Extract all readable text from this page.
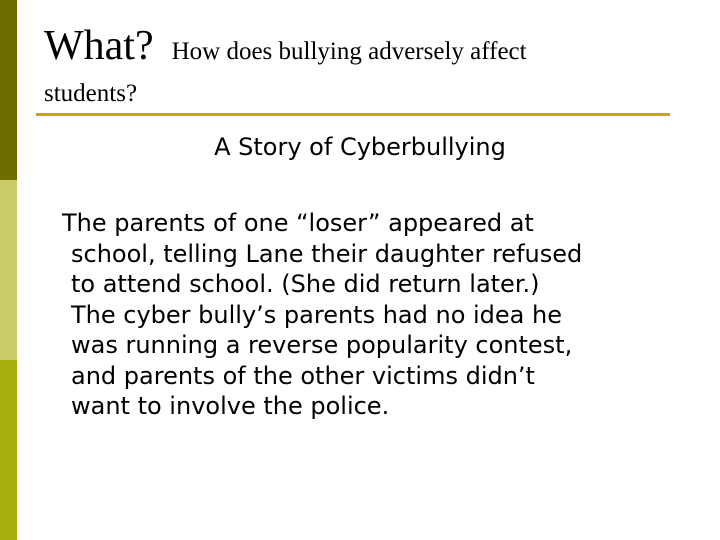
What? How does bullying adversely affect
students?
A Story of Cyberbullying

The parents of one “loser” appeared at
school, telling Lane their daughter refused
to attend school. (She did return later.)
The cyber bully’s parents had no idea he
was running a reverse popularity contest,
and parents of the other victims didn’t
want to involve the police.
